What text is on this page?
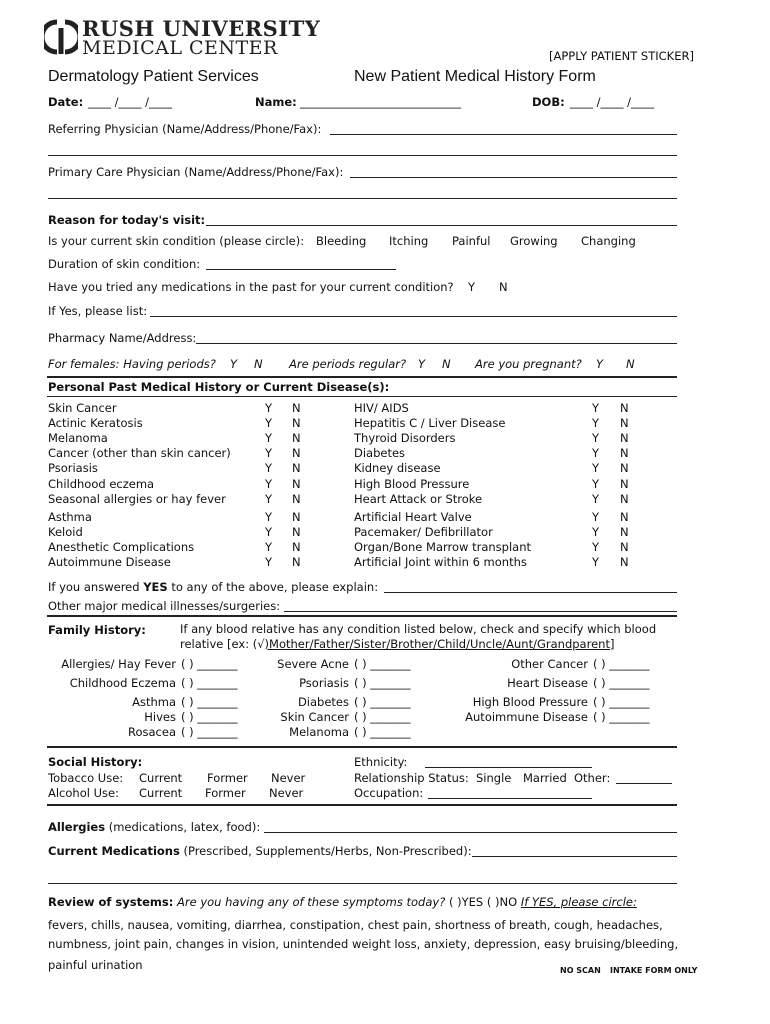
RUSH UNIVERSITY
MEDICAL CENTER	[APPLY PATIENT STICKER]
Dermatology Patient Services	New Patient Medical History Form
Date: ____ /____ /____	Name: ____________________________	DOB: ____ /____ /____
Referring Physician (Name/Address/Phone/Fax):
Primary Care Physician (Name/Address/Phone/Fax):
Reason for today's visit:
Is your current skin condition (please circle): Bleeding Itching Painful Growing Changing
Duration of skin condition:
Have you tried any medications in the past for your current condition? Y N
If Yes, please list:
Pharmacy Name/Address:
For females: Having periods? Y N Are periods regular? Y N Are you pregnant? Y N
Personal Past Medical History or Current Disease(s):
Skin Cancer	Y N
Actinic Keratosis	Y N
Melanoma	Y N
Cancer (other than skin cancer)	Y N
Psoriasis	Y N
Childhood eczema	Y N
Seasonal allergies or hay fever	Y N
Asthma	Y N
Keloid	Y N
Anesthetic Complications	Y N
Autoimmune Disease	Y N
HIV/ AIDS	Y N
Hepatitis C / Liver Disease	Y N
Thyroid Disorders	Y N
Diabetes	Y N
Kidney disease	Y N
High Blood Pressure	Y N
Heart Attack or Stroke	Y N
Artificial Heart Valve	Y N
Pacemaker/ Defibrillator	Y N
Organ/Bone Marrow transplant	Y N
Artificial Joint within 6 months	Y N
If you answered YES to any of the above, please explain:
Other major medical illnesses/surgeries:
Family History:	If any blood relative has any condition listed below, check and specify which blood
relative [ex: (√)Mother/Father/Sister/Brother/Child/Uncle/Aunt/Grandparent]
Allergies/ Hay Fever ( ) _______
Childhood Eczema ( ) _______
Asthma ( ) _______
Hives ( ) _______
Rosacea ( ) _______
Severe Acne ( ) _______
Psoriasis ( ) _______
Diabetes ( ) _______
Skin Cancer ( ) _______
Melanoma ( ) _______
Other Cancer ( ) _______
Heart Disease ( ) _______
High Blood Pressure ( ) _______
Autoimmune Disease ( ) _______
Social History:
Tobacco Use: Current Former Never
Alcohol Use: Current Former Never
Ethnicity:
Relationship Status: Single Married Other:
Occupation:
Allergies (medications, latex, food):
Current Medications (Prescribed, Supplements/Herbs, Non-Prescribed):
Review of systems: Are you having any of these symptoms today? ( )YES ( )NO If YES, please circle:
fevers, chills, nausea, vomiting, diarrhea, constipation, chest pain, shortness of breath, cough, headaches,
numbness, joint pain, changes in vision, unintended weight loss, anxiety, depression, easy bruising/bleeding,
painful urination	NO SCAN INTAKE FORM ONLY
